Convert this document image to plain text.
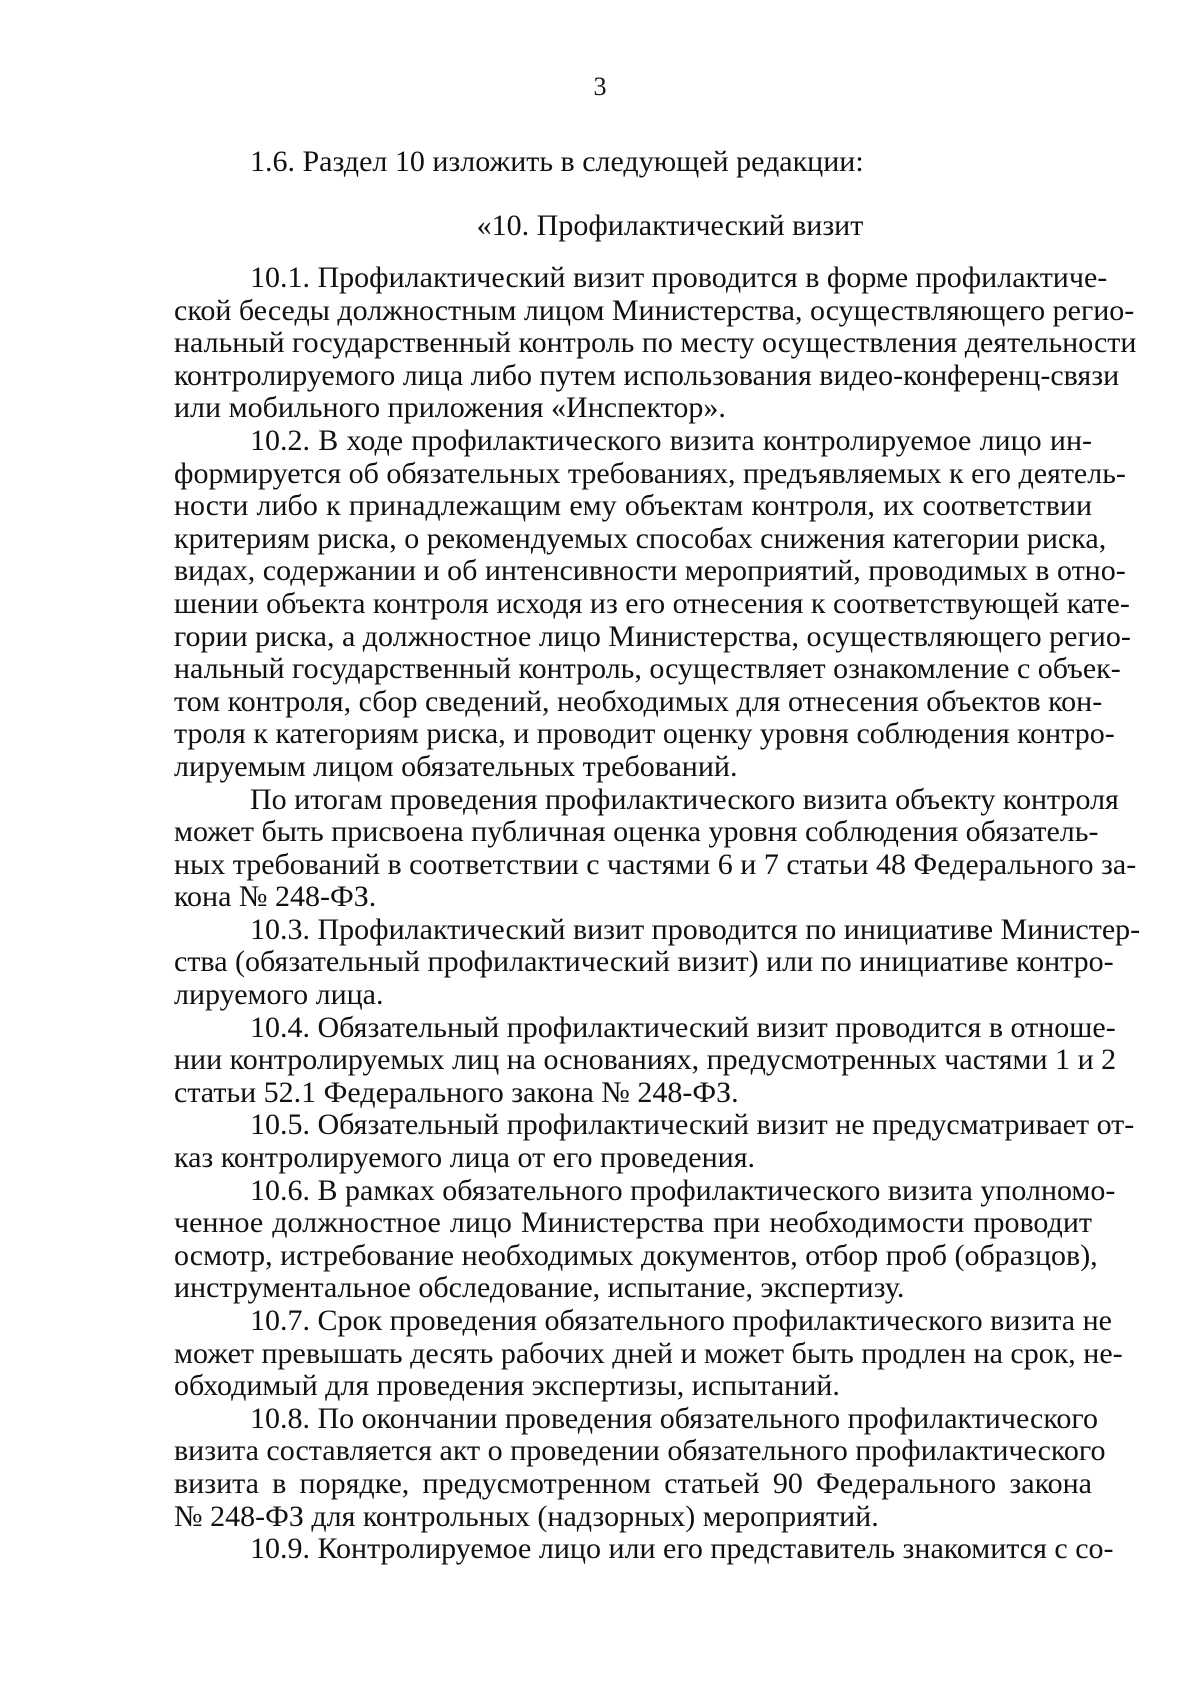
3
1.6. Раздел 10 изложить в следующей редакции:
«10. Профилактический визит
10.1. Профилактический визит проводится в форме профилактиче-
ской беседы должностным лицом Министерства, осуществляющего регио-
нальный государственный контроль по месту осуществления деятельности
контролируемого лица либо путем использования видео-конференц-связи
или мобильного приложения «Инспектор».
10.2. В ходе профилактического визита контролируемое лицо ин-
формируется об обязательных требованиях, предъявляемых к его деятель-
ности либо к принадлежащим ему объектам контроля, их соответствии
критериям риска, о рекомендуемых способах снижения категории риска,
видах, содержании и об интенсивности мероприятий, проводимых в отно-
шении объекта контроля исходя из его отнесения к соответствующей кате-
гории риска, а должностное лицо Министерства, осуществляющего регио-
нальный государственный контроль, осуществляет ознакомление с объек-
том контроля, сбор сведений, необходимых для отнесения объектов кон-
троля к категориям риска, и проводит оценку уровня соблюдения контро-
лируемым лицом обязательных требований.
По итогам проведения профилактического визита объекту контроля
может быть присвоена публичная оценка уровня соблюдения обязатель-
ных требований в соответствии с частями 6 и 7 статьи 48 Федерального за-
кона № 248-ФЗ.
10.3. Профилактический визит проводится по инициативе Министер-
ства (обязательный профилактический визит) или по инициативе контро-
лируемого лица.
10.4. Обязательный профилактический визит проводится в отноше-
нии контролируемых лиц на основаниях, предусмотренных частями 1 и 2
статьи 52.1 Федерального закона № 248-ФЗ.
10.5. Обязательный профилактический визит не предусматривает от-
каз контролируемого лица от его проведения.
10.6. В рамках обязательного профилактического визита уполномо-
ченное должностное лицо Министерства при необходимости проводит
осмотр, истребование необходимых документов, отбор проб (образцов),
инструментальное обследование, испытание, экспертизу.
10.7. Срок проведения обязательного профилактического визита не
может превышать десять рабочих дней и может быть продлен на срок, не-
обходимый для проведения экспертизы, испытаний.
10.8. По окончании проведения обязательного профилактического
визита составляется акт о проведении обязательного профилактического
визита в порядке, предусмотренном статьей 90 Федерального закона
№ 248-ФЗ для контрольных (надзорных) мероприятий.
10.9. Контролируемое лицо или его представитель знакомится с со-
